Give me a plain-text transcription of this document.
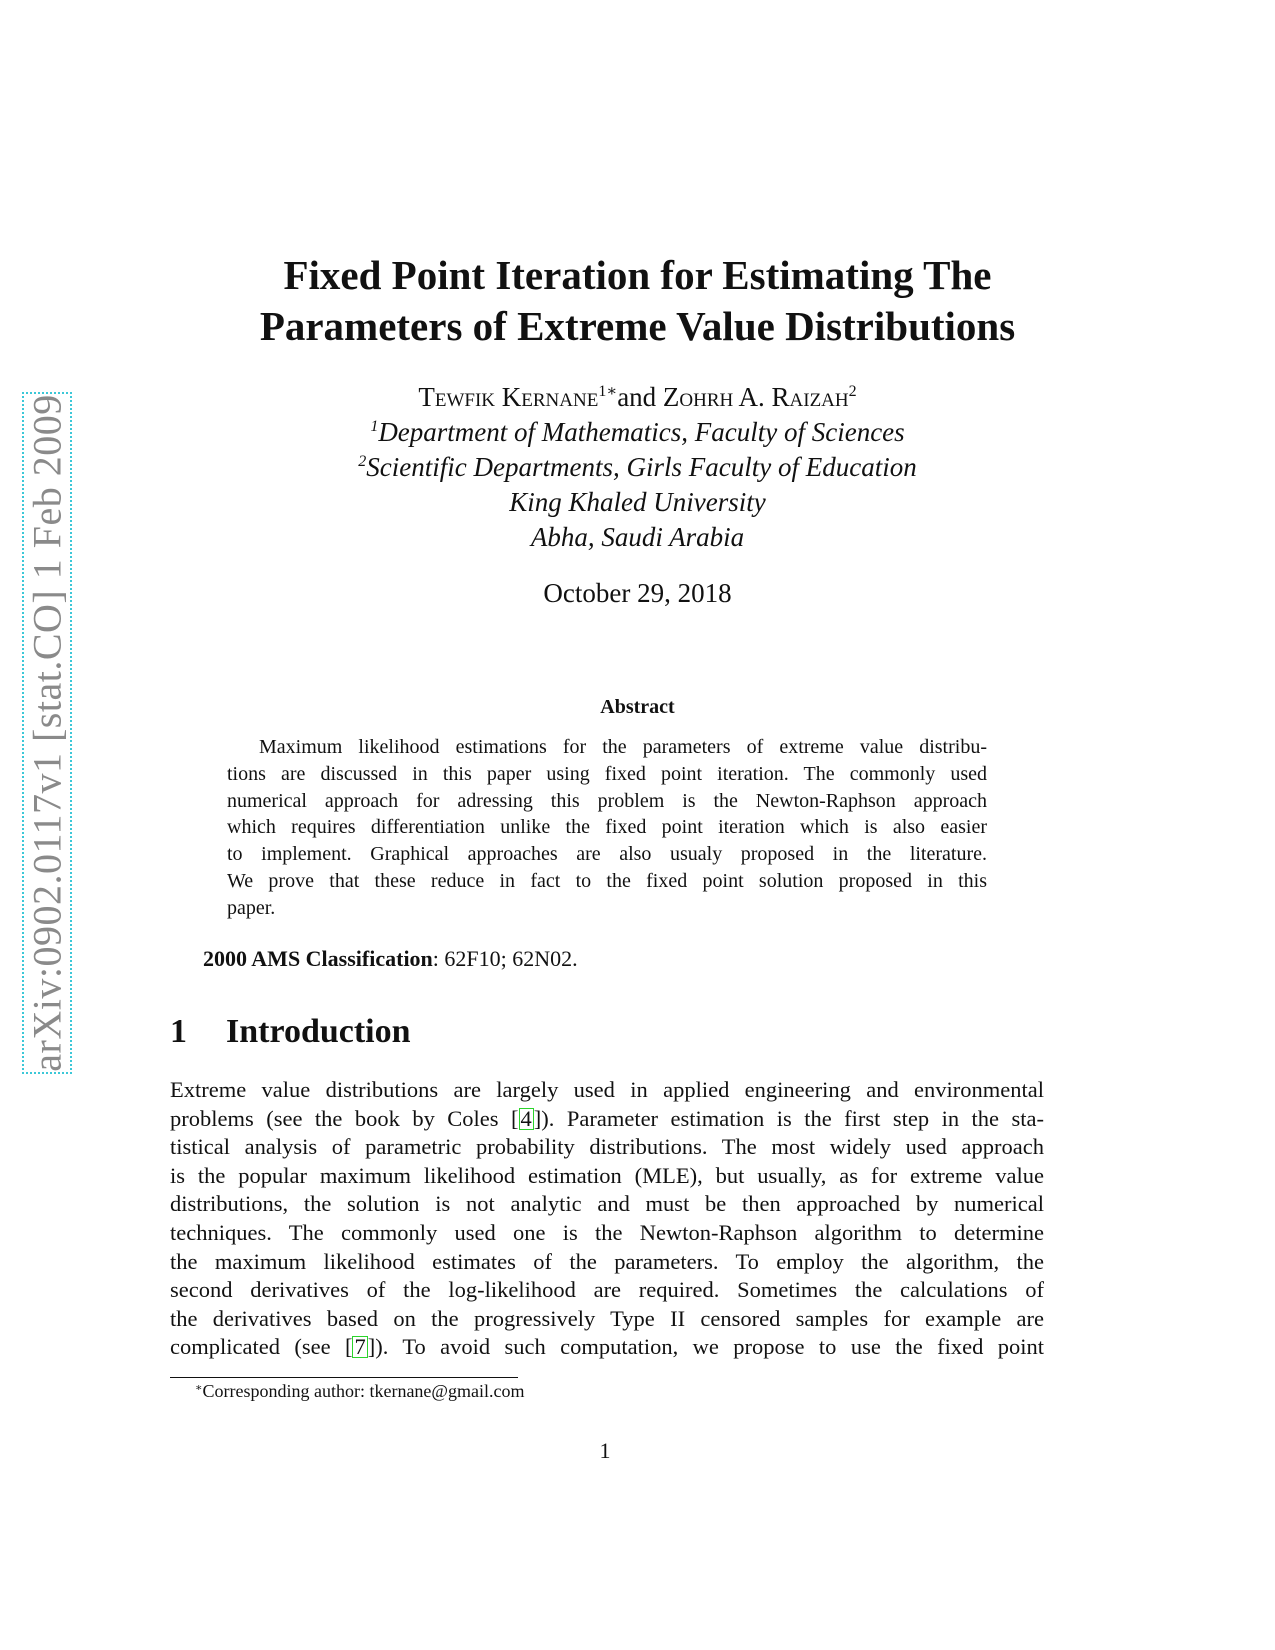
arXiv:0902.0117v1 [stat.CO] 1 Feb 2009
Fixed Point Iteration for Estimating The
Parameters of Extreme Value Distributions
Tewfik Kernane$^{1∗}$and Zohrh A. Raizah$^2$
$^1$Department of Mathematics, Faculty of Sciences
$^2$Scientific Departments, Girls Faculty of Education
King Khaled University
Abha, Saudi Arabia
October 29, 2018
Abstract
Maximum likelihood estimations for the parameters of extreme value distribu-
tions are discussed in this paper using fixed point iteration. The commonly used
numerical approach for adressing this problem is the Newton-Raphson approach
which requires differentiation unlike the fixed point iteration which is also easier
to implement. Graphical approaches are also usualy proposed in the literature.
We prove that these reduce in fact to the fixed point solution proposed in this
paper.
2000 AMS Classification: 62F10; 62N02.
1 Introduction
Extreme value distributions are largely used in applied engineering and environmental
problems (see the book by Coles [4]). Parameter estimation is the first step in the sta-
tistical analysis of parametric probability distributions. The most widely used approach
is the popular maximum likelihood estimation (MLE), but usually, as for extreme value
distributions, the solution is not analytic and must be then approached by numerical
techniques. The commonly used one is the Newton-Raphson algorithm to determine
the maximum likelihood estimates of the parameters. To employ the algorithm, the
second derivatives of the log-likelihood are required. Sometimes the calculations of
the derivatives based on the progressively Type II censored samples for example are
complicated (see [7]). To avoid such computation, we propose to use the fixed point
∗Corresponding author: tkernane@gmail.com
1
